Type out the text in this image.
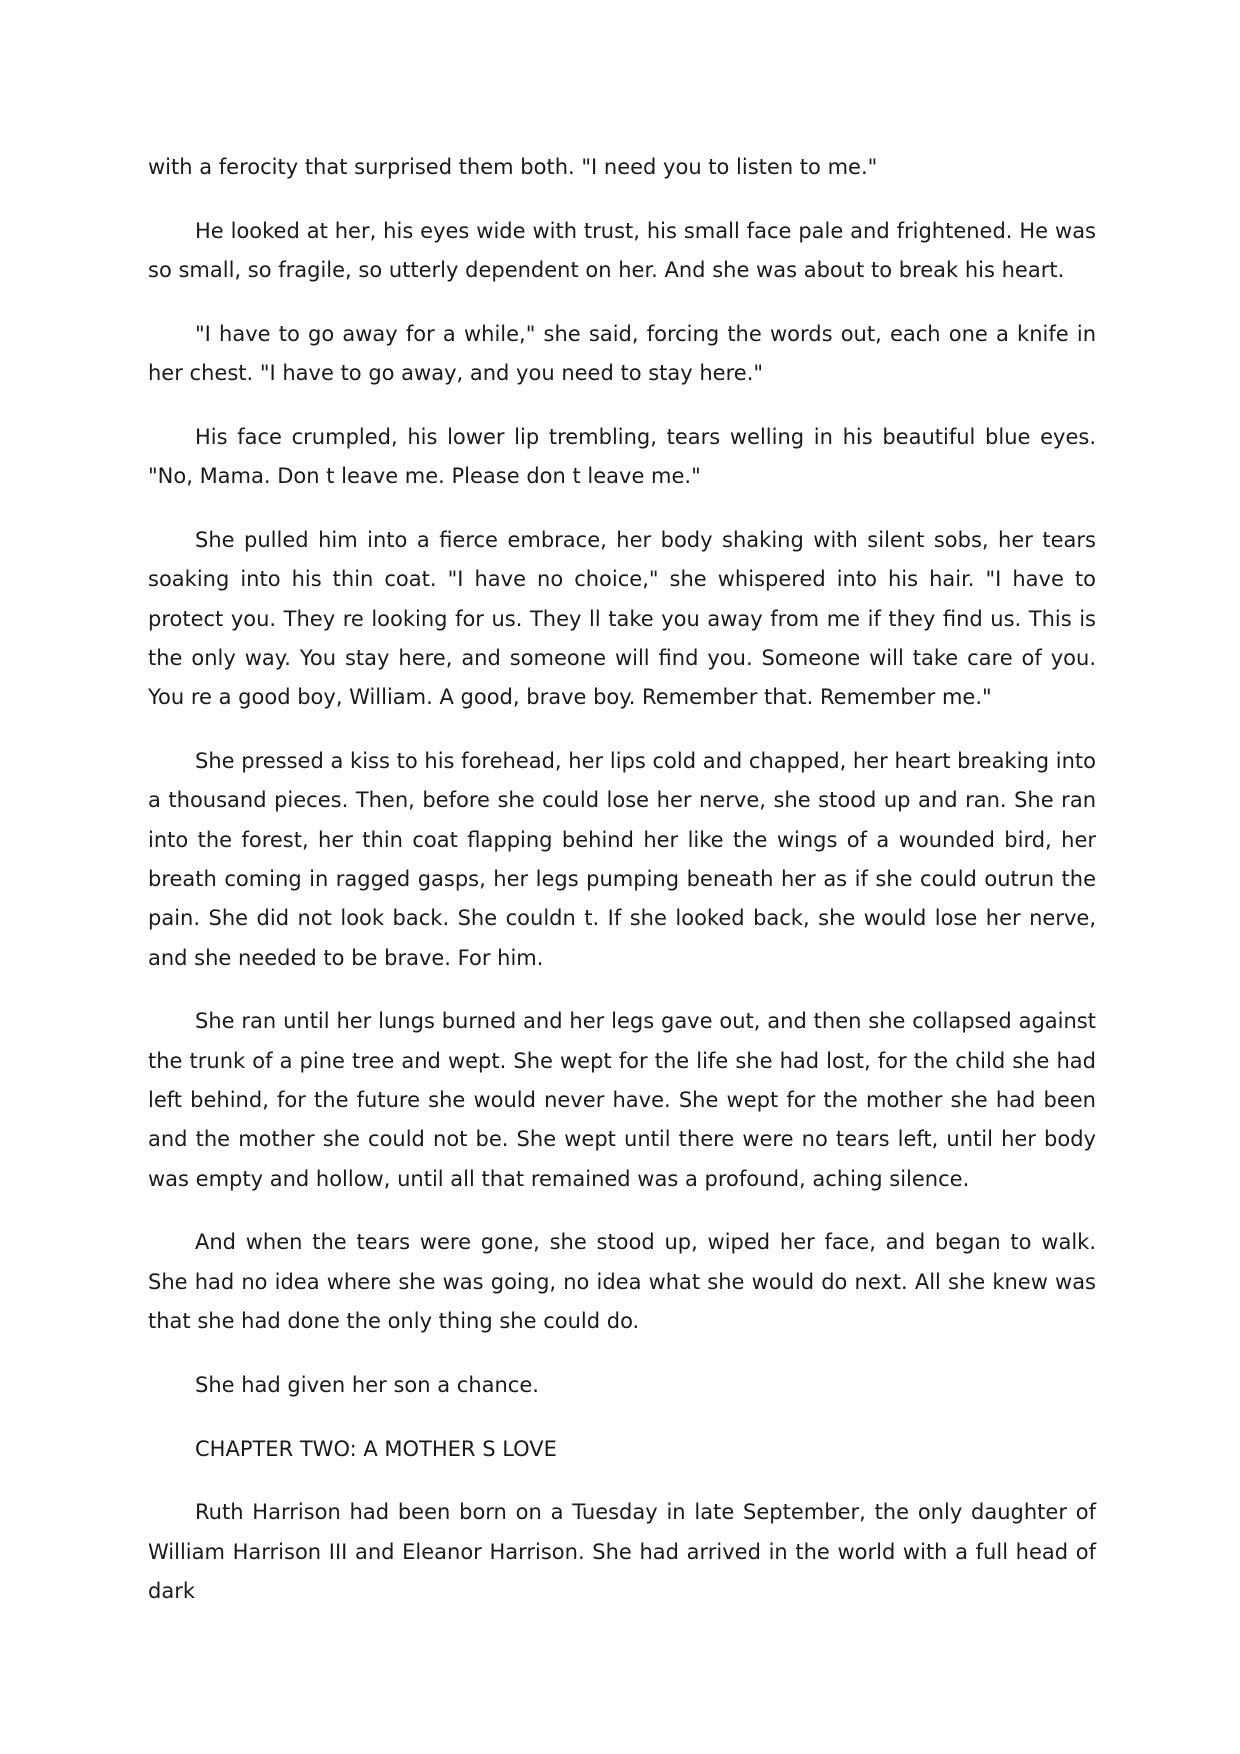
with a ferocity that surprised them both. "I need you to listen to me."

He looked at her, his eyes wide with trust, his small face pale and frightened. He was so small, so fragile, so utterly dependent on her. And she was about to break his heart.

"I have to go away for a while," she said, forcing the words out, each one a knife in her chest. "I have to go away, and you need to stay here."

His face crumpled, his lower lip trembling, tears welling in his beautiful blue eyes. "No, Mama. Don t leave me. Please don t leave me."

She pulled him into a fierce embrace, her body shaking with silent sobs, her tears soaking into his thin coat. "I have no choice," she whispered into his hair. "I have to protect you. They re looking for us. They ll take you away from me if they find us. This is the only way. You stay here, and someone will find you. Someone will take care of you. You re a good boy, William. A good, brave boy. Remember that. Remember me."

She pressed a kiss to his forehead, her lips cold and chapped, her heart breaking into a thousand pieces. Then, before she could lose her nerve, she stood up and ran. She ran into the forest, her thin coat flapping behind her like the wings of a wounded bird, her breath coming in ragged gasps, her legs pumping beneath her as if she could outrun the pain. She did not look back. She couldn t. If she looked back, she would lose her nerve, and she needed to be brave. For him.

She ran until her lungs burned and her legs gave out, and then she collapsed against the trunk of a pine tree and wept. She wept for the life she had lost, for the child she had left behind, for the future she would never have. She wept for the mother she had been and the mother she could not be. She wept until there were no tears left, until her body was empty and hollow, until all that remained was a profound, aching silence.

And when the tears were gone, she stood up, wiped her face, and began to walk. She had no idea where she was going, no idea what she would do next. All she knew was that she had done the only thing she could do.

She had given her son a chance.

CHAPTER TWO: A MOTHER S LOVE

Ruth Harrison had been born on a Tuesday in late September, the only daughter of William Harrison III and Eleanor Harrison. She had arrived in the world with a full head of dark
